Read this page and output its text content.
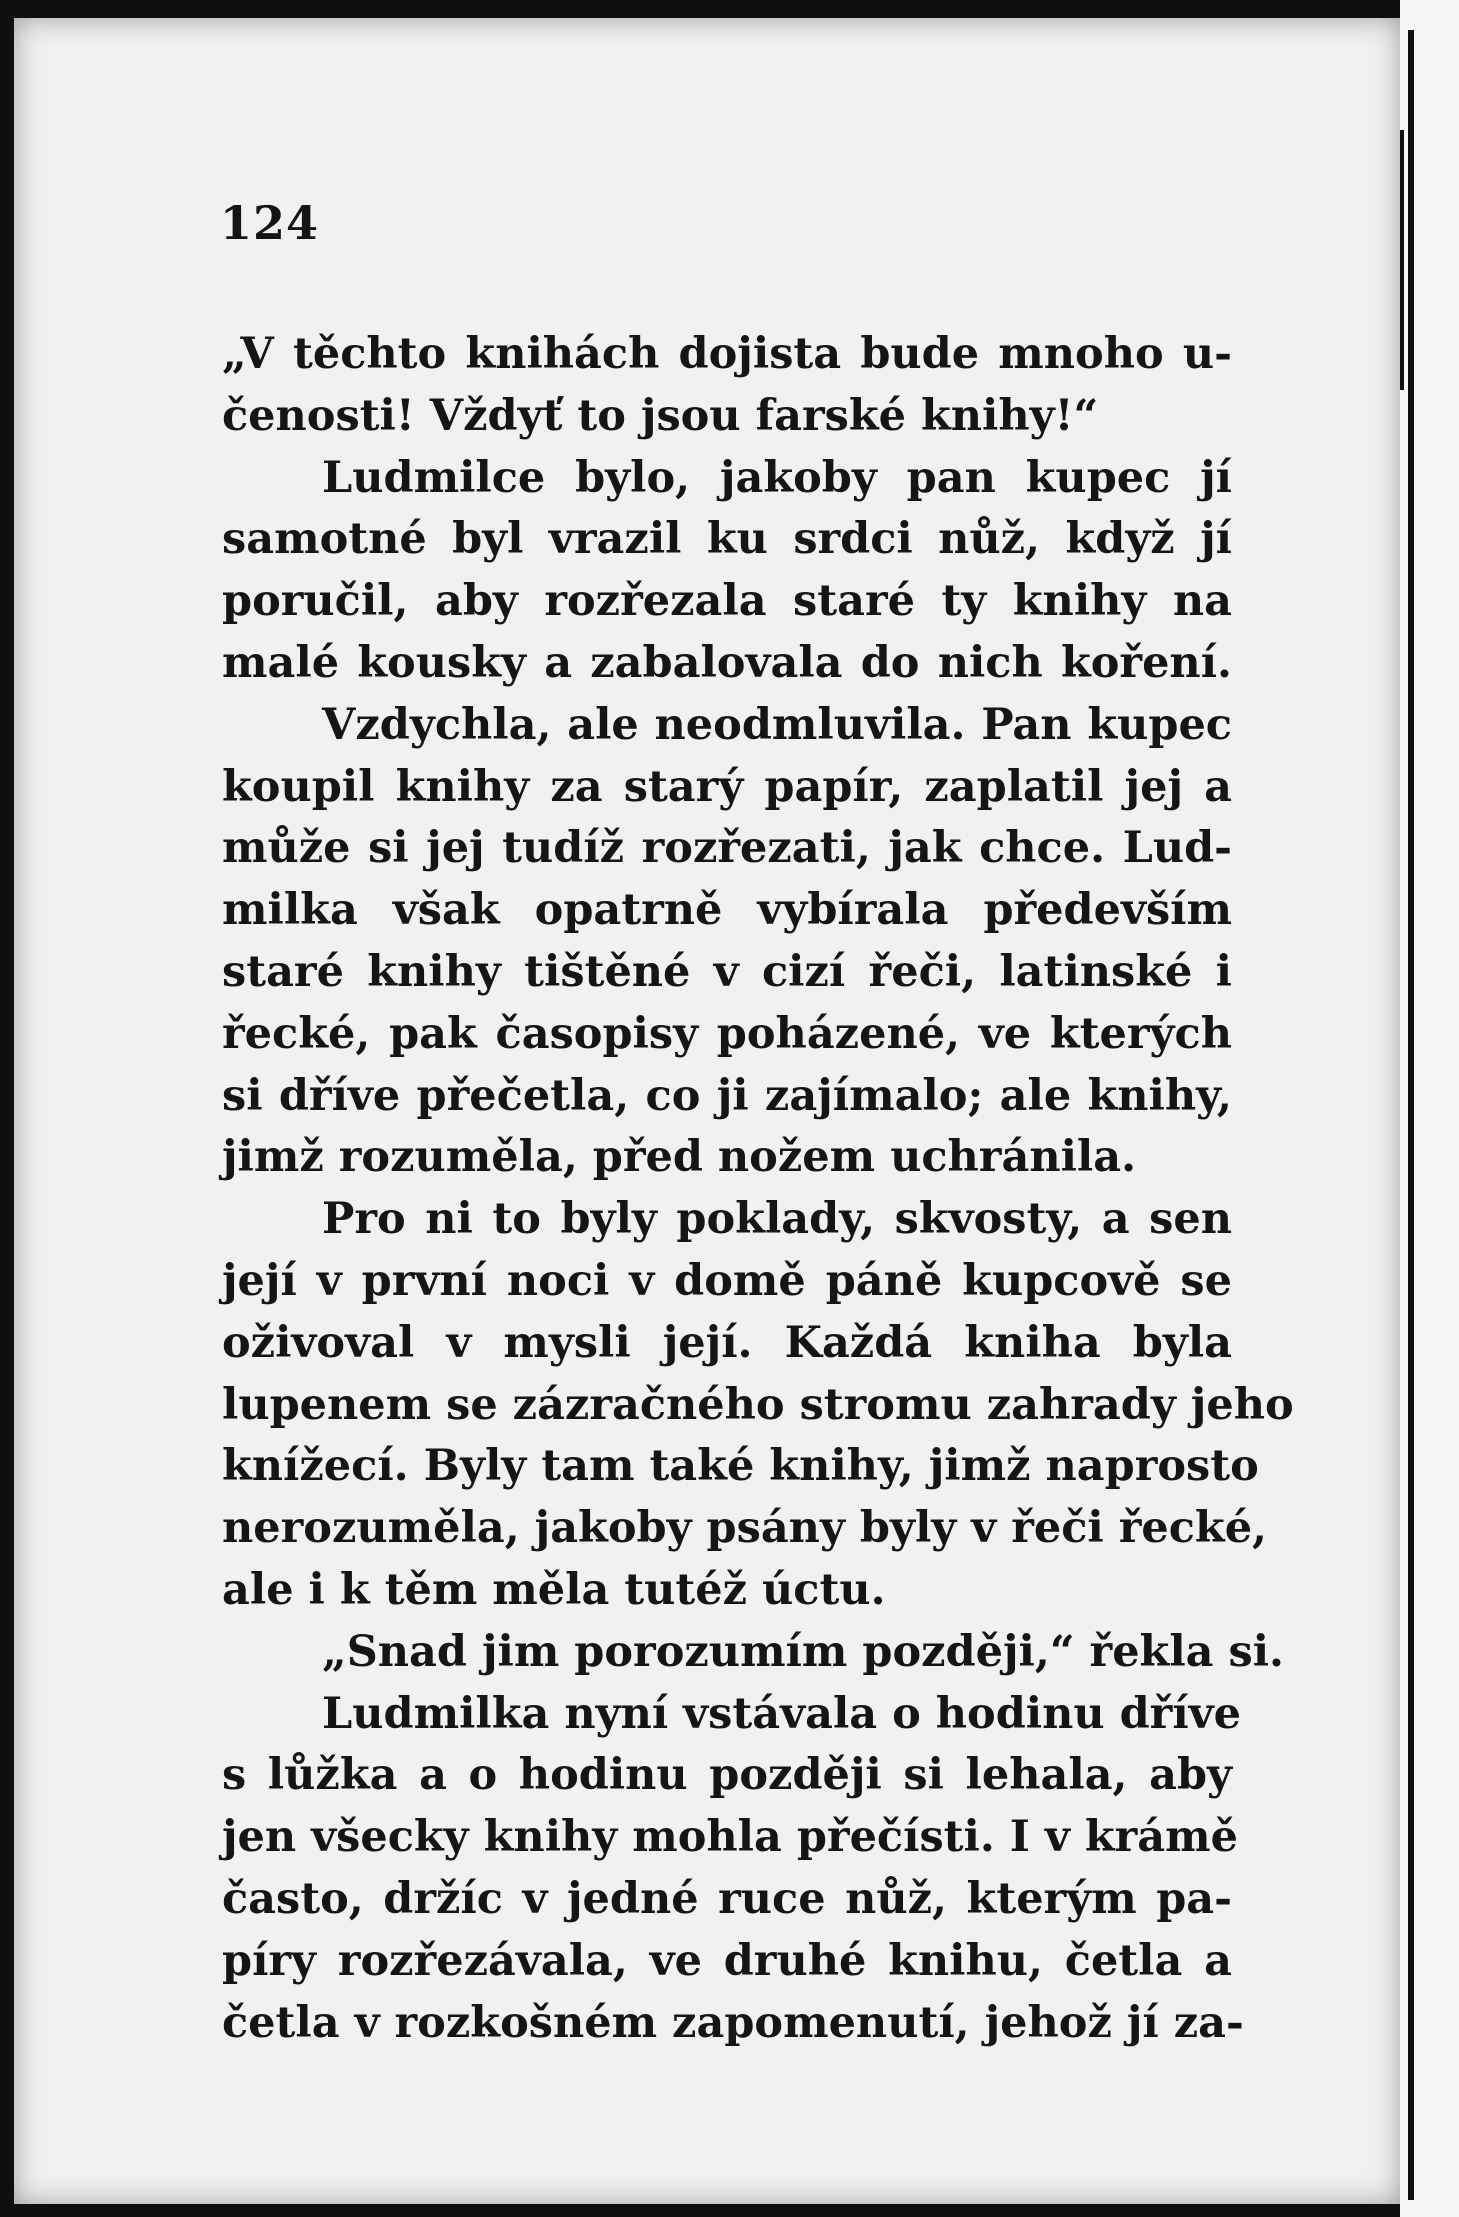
124
„V těchto knihách dojista bude mnoho u-
čenosti! Vždyť to jsou farské knihy!“
Ludmilce bylo, jakoby pan kupec jí
samotné byl vrazil ku srdci nůž, když jí
poručil, aby rozřezala staré ty knihy na
malé kousky a zabalovala do nich koření.
Vzdychla, ale neodmluvila. Pan kupec
koupil knihy za starý papír, zaplatil jej a
může si jej tudíž rozřezati, jak chce. Lud-
milka však opatrně vybírala především
staré knihy tištěné v cizí řeči, latinské i
řecké, pak časopisy poházené, ve kterých
si dříve přečetla, co ji zajímalo; ale knihy,
jimž rozuměla, před nožem uchránila.
Pro ni to byly poklady, skvosty, a sen
její v první noci v domě páně kupcově se
oživoval v mysli její. Každá kniha byla
lupenem se zázračného stromu zahrady jeho
knížecí. Byly tam také knihy, jimž naprosto
nerozuměla, jakoby psány byly v řeči řecké,
ale i k těm měla tutéž úctu.
„Snad jim porozumím později,“ řekla si.
Ludmilka nyní vstávala o hodinu dříve
s lůžka a o hodinu později si lehala, aby
jen všecky knihy mohla přečísti. I v krámě
často, držíc v jedné ruce nůž, kterým pa-
píry rozřezávala, ve druhé knihu, četla a
četla v rozkošném zapomenutí, jehož jí za-
